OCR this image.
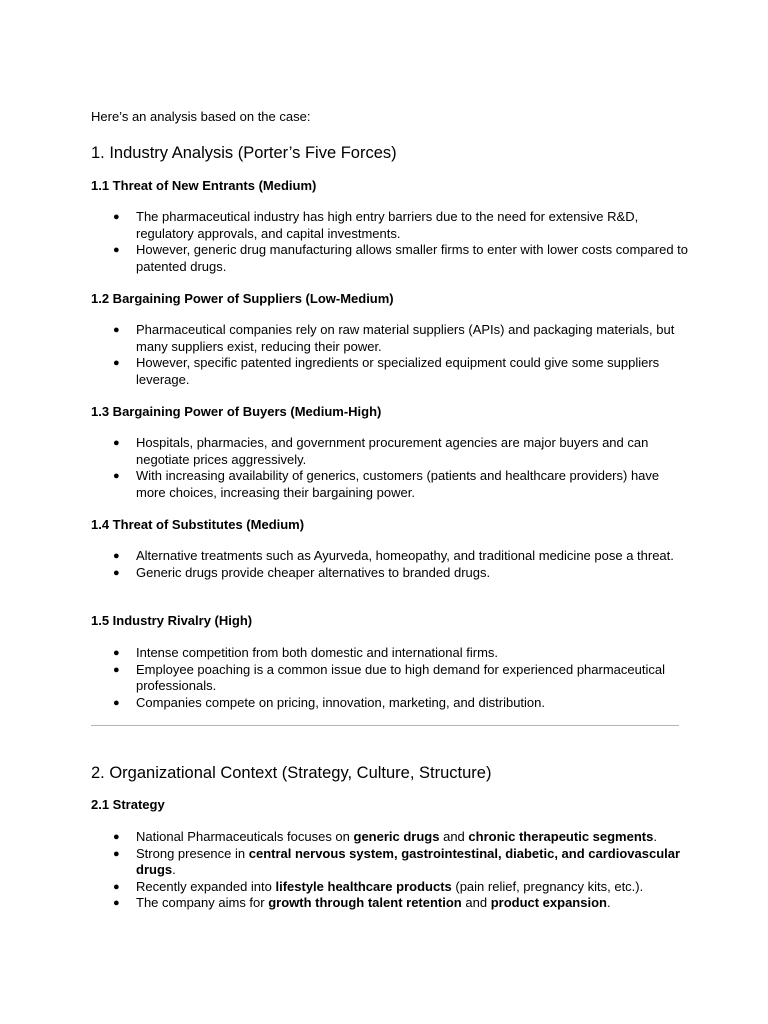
Here’s an analysis based on the case:
1. Industry Analysis (Porter’s Five Forces)
1.1 Threat of New Entrants (Medium)
● The pharmaceutical industry has high entry barriers due to the need for extensive R&D, regulatory approvals, and capital investments.
● However, generic drug manufacturing allows smaller firms to enter with lower costs compared to patented drugs.
1.2 Bargaining Power of Suppliers (Low-Medium)
● Pharmaceutical companies rely on raw material suppliers (APIs) and packaging materials, but many suppliers exist, reducing their power.
● However, specific patented ingredients or specialized equipment could give some suppliers leverage.
1.3 Bargaining Power of Buyers (Medium-High)
● Hospitals, pharmacies, and government procurement agencies are major buyers and can negotiate prices aggressively.
● With increasing availability of generics, customers (patients and healthcare providers) have more choices, increasing their bargaining power.
1.4 Threat of Substitutes (Medium)
● Alternative treatments such as Ayurveda, homeopathy, and traditional medicine pose a threat.
● Generic drugs provide cheaper alternatives to branded drugs.
1.5 Industry Rivalry (High)
● Intense competition from both domestic and international firms.
● Employee poaching is a common issue due to high demand for experienced pharmaceutical professionals.
● Companies compete on pricing, innovation, marketing, and distribution.
2. Organizational Context (Strategy, Culture, Structure)
2.1 Strategy
● National Pharmaceuticals focuses on generic drugs and chronic therapeutic segments.
● Strong presence in central nervous system, gastrointestinal, diabetic, and cardiovascular drugs.
● Recently expanded into lifestyle healthcare products (pain relief, pregnancy kits, etc.).
● The company aims for growth through talent retention and product expansion.
